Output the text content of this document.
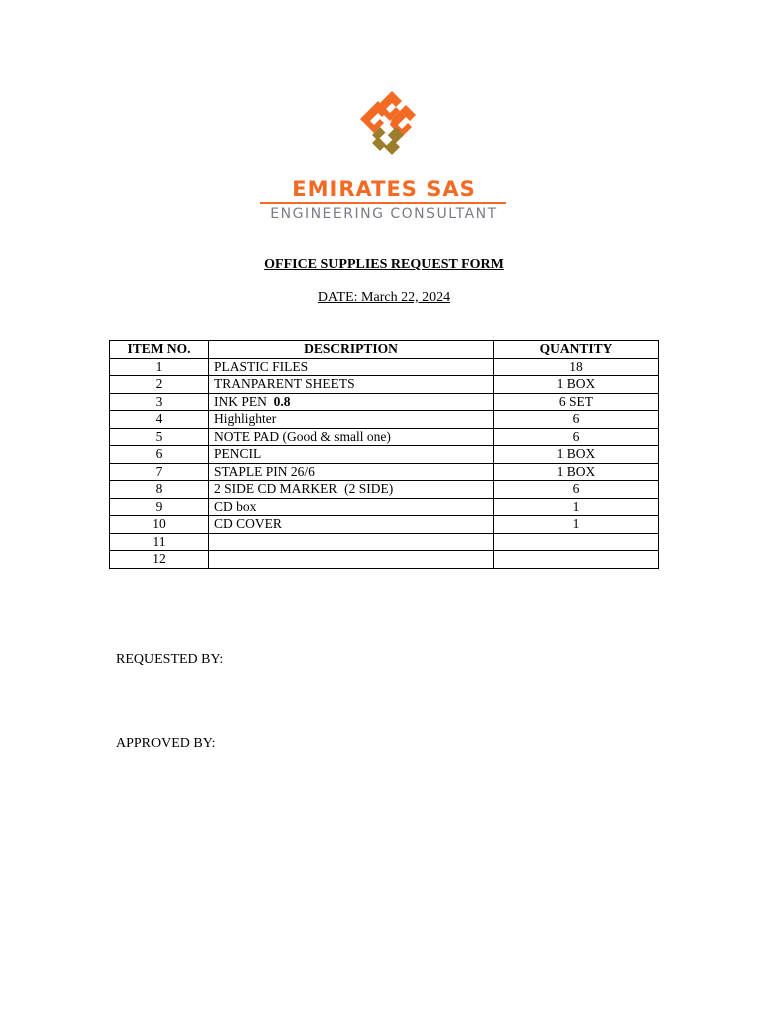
EMIRATES SAS
ENGINEERING CONSULTANT
OFFICE SUPPLIES REQUEST FORM
DATE: March 22, 2024
ITEM NO.	DESCRIPTION	QUANTITY
1	PLASTIC FILES	18
2	TRANPARENT SHEETS	1 BOX
3	INK PEN 0.8	6 SET
4	Highlighter	6
5	NOTE PAD (Good & small one)	6
6	PENCIL	1 BOX
7	STAPLE PIN 26/6	1 BOX
8	2 SIDE CD MARKER  (2 SIDE)	6
9	CD box	1
10	CD COVER	1
11		
12		
REQUESTED BY:
APPROVED BY:
